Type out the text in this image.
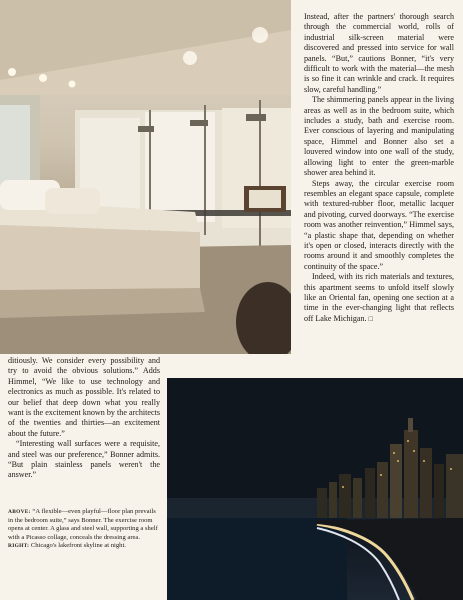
Instead, after the partners' thorough search through the commercial world, rolls of industrial silk-screen material were discovered and pressed into service for wall panels. “But,” cautions Bonner, “it's very difficult to work with the material—the mesh is so fine it can wrinkle and crack. It requires slow, careful handling.”

The shimmering panels appear in the living areas as well as in the bedroom suite, which includes a study, bath and exercise room. Ever conscious of layering and manipulating space, Himmel and Bonner also set a louvered window into one wall of the study, allowing light to enter the green-marble shower area behind it.

Steps away, the circular exercise room resembles an elegant space capsule, complete with textured-rubber floor, metallic lacquer and pivoting, curved doorways. “The exercise room was another reinvention,” Himmel says, “a plastic shape that, depending on whether it's open or closed, interacts directly with the rooms around it and smoothly completes the continuity of the space.”

Indeed, with its rich materials and textures, this apartment seems to unfold itself slowly like an Oriental fan, opening one section at a time in the ever-changing light that reflects off Lake Michigan. □

ditiously. We consider every possibility and try to avoid the obvious solutions.” Adds Himmel, “We like to use technology and electronics as much as possible. It's related to our belief that deep down what you really want is the excitement known by the architects of the twenties and thirties—an excitement about the future.”

“Interesting wall surfaces were a requisite, and steel was our preference,” Bonner admits. “But plain stainless panels weren't the answer.”

ABOVE: “A flexible—even playful—floor plan prevails in the bedroom suite,” says Bonner. The exercise room opens at center. A glass and steel wall, supporting a shelf with a Picasso collage, conceals the dressing area. RIGHT: Chicago's lakefront skyline at night.
